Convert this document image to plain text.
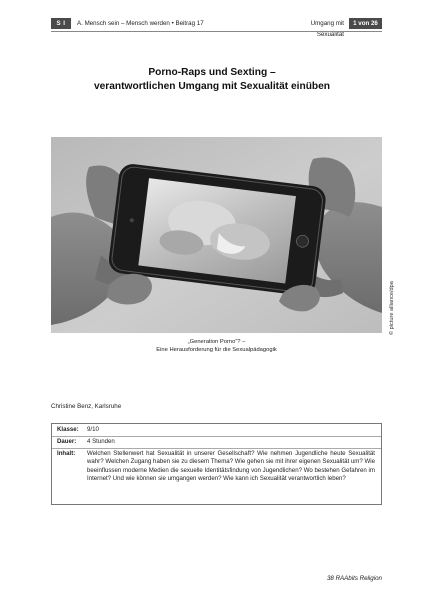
S I	A. Mensch sein – Mensch werden • Beitrag 17	Umgang mit Sexualität
1 von 26
Porno-Raps und Sexting –
verantwortlichen Umgang mit Sexualität einüben
© picture alliance/dpa
„Generation Porno“? –
Eine Herausforderung für die Sexualpädagogik
Christine Benz, Karlsruhe
Klasse:	9/10
Dauer:	4 Stunden
Inhalt:	Welchen Stellenwert hat Sexualität in unserer Gesellschaft? Wie nehmen Jugendliche heute Sexualität wahr? Welchen Zugang haben sie zu diesem Thema? Wie gehen sie mit ihrer eigenen Sexualität um? Wie beeinflussen moderne Medien die sexuelle Identitätsfindung von Jugendlichen? Wo bestehen Gefahren im Internet? Und wie können sie umgangen werden? Wie kann ich Sexualität verantwortlich leben?
38 RAAbits Religion
